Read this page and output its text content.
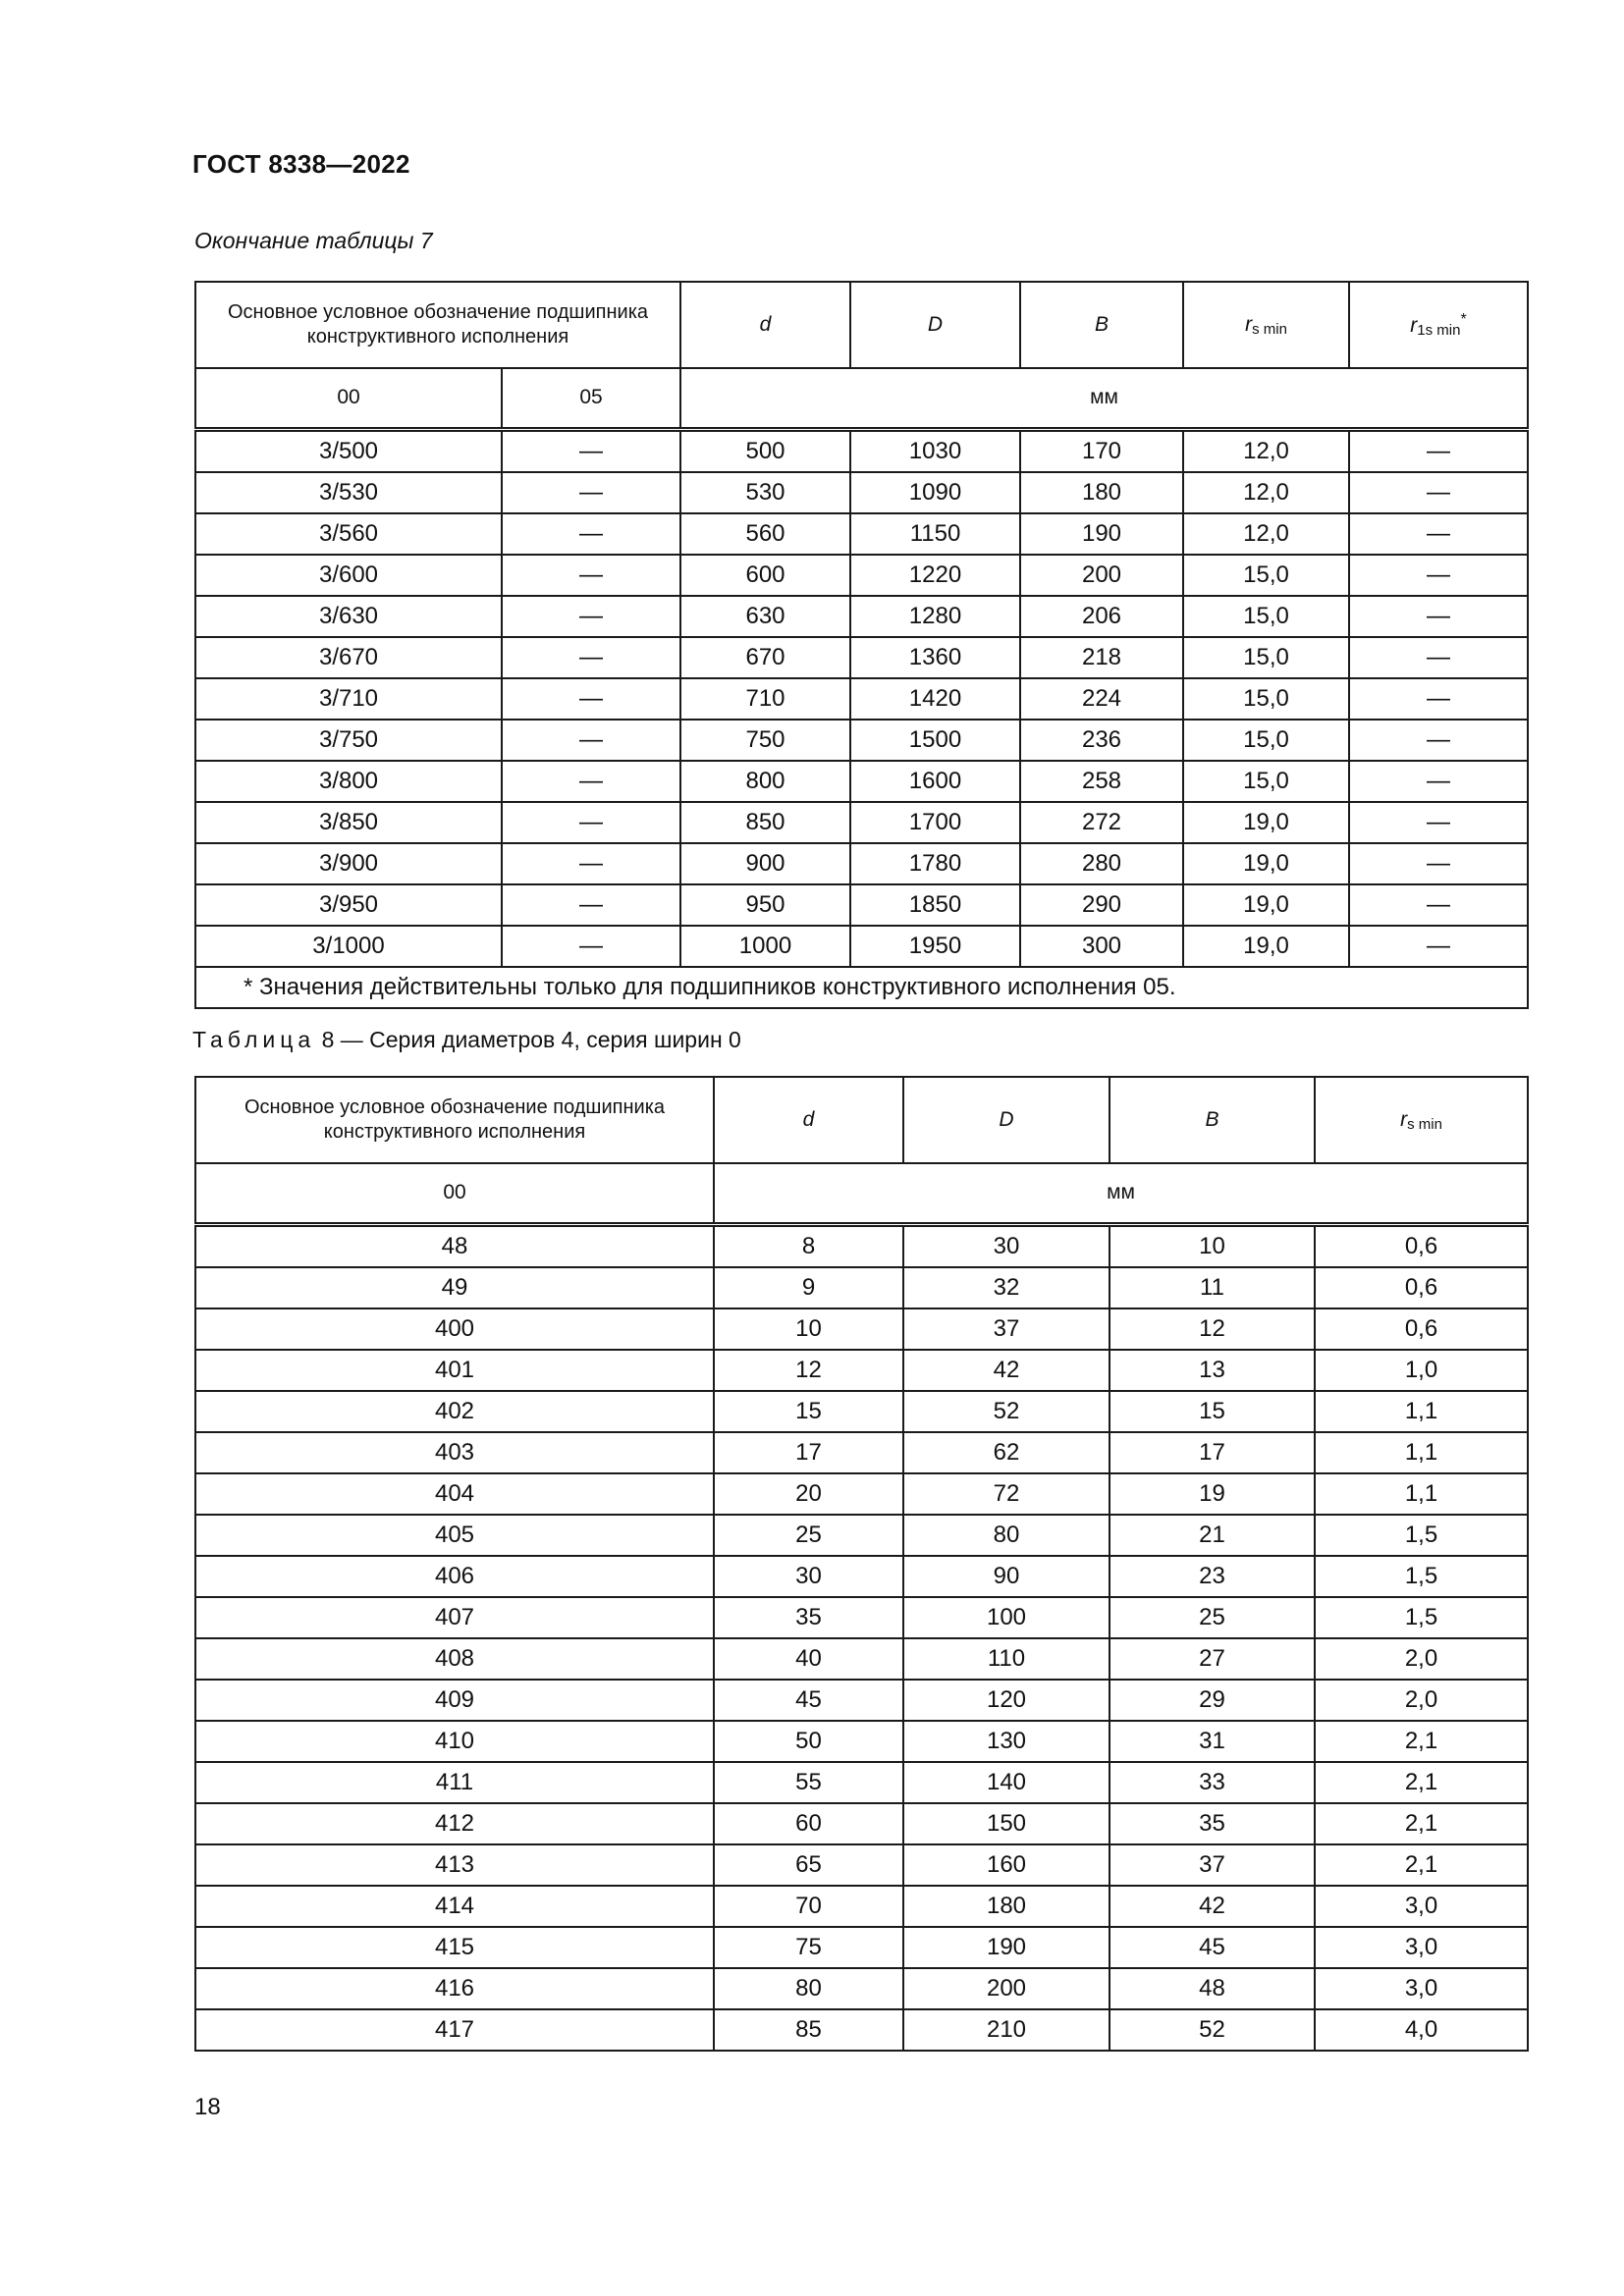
ГОСТ 8338—2022
Окончание таблицы 7
Основное условное обозначение подшипника конструктивного исполнения		d	D	B	$r_{s min}$	$r_{1s min}^*$
00	05	мм				
3/500	—	500	1030	170	12,0	—
3/530	—	530	1090	180	12,0	—
3/560	—	560	1150	190	12,0	—
3/600	—	600	1220	200	15,0	—
3/630	—	630	1280	206	15,0	—
3/670	—	670	1360	218	15,0	—
3/710	—	710	1420	224	15,0	—
3/750	—	750	1500	236	15,0	—
3/800	—	800	1600	258	15,0	—
3/850	—	850	1700	272	19,0	—
3/900	—	900	1780	280	19,0	—
3/950	—	950	1850	290	19,0	—
3/1000	—	1000	1950	300	19,0	—
* Значения действительны только для подшипников конструктивного исполнения 05.						
Таблица 8 — Серия диаметров 4, серия ширин 0
Основное условное обозначение подшипника конструктивного исполнения	d	D	B	$r_{s min}$
00	мм			
48	8	30	10	0,6
49	9	32	11	0,6
400	10	37	12	0,6
401	12	42	13	1,0
402	15	52	15	1,1
403	17	62	17	1,1
404	20	72	19	1,1
405	25	80	21	1,5
406	30	90	23	1,5
407	35	100	25	1,5
408	40	110	27	2,0
409	45	120	29	2,0
410	50	130	31	2,1
411	55	140	33	2,1
412	60	150	35	2,1
413	65	160	37	2,1
414	70	180	42	3,0
415	75	190	45	3,0
416	80	200	48	3,0
417	85	210	52	4,0
18
